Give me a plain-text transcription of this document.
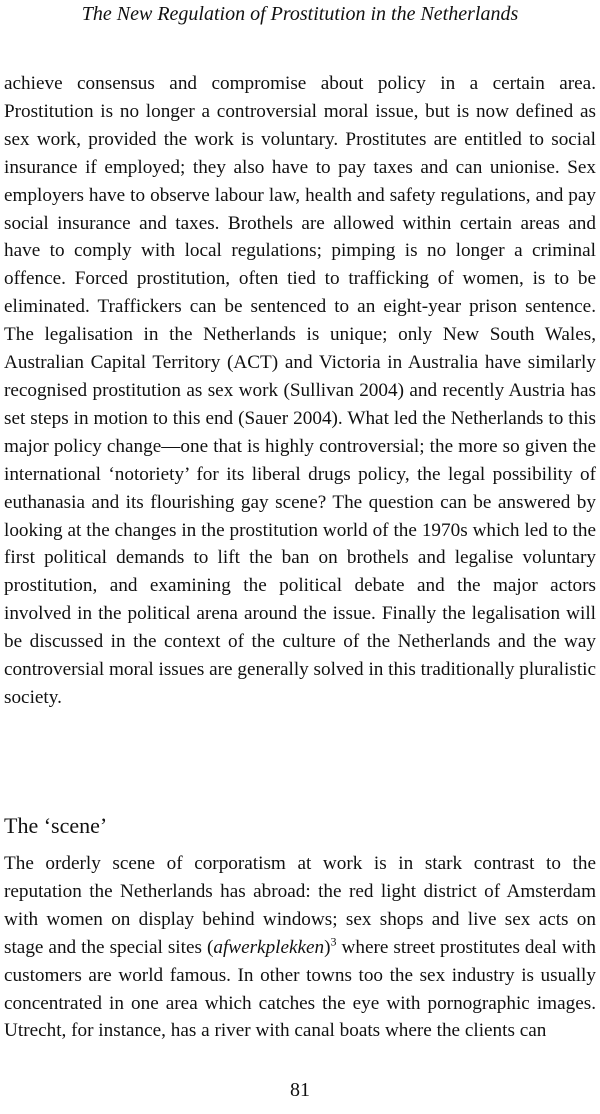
The New Regulation of Prostitution in the Netherlands

achieve consensus and compromise about policy in a certain area. Prostitution is no longer a controversial moral issue, but is now defined as sex work, provided the work is voluntary. Prostitutes are entitled to social insurance if employed; they also have to pay taxes and can unionise. Sex employers have to observe labour law, health and safety regulations, and pay social insurance and taxes. Brothels are allowed within certain areas and have to comply with local regulations; pimping is no longer a criminal offence. Forced prostitution, often tied to trafficking of women, is to be eliminated. Traffickers can be sentenced to an eight-year prison sentence. The legalisation in the Netherlands is unique; only New South Wales, Australian Capital Territory (ACT) and Victoria in Australia have similarly recognised prostitution as sex work (Sullivan 2004) and recently Austria has set steps in motion to this end (Sauer 2004). What led the Netherlands to this major policy change—one that is highly controversial; the more so given the international ‘notoriety’ for its liberal drugs policy, the legal possibility of euthanasia and its flourishing gay scene? The question can be answered by looking at the changes in the prostitution world of the 1970s which led to the first political demands to lift the ban on brothels and legalise voluntary prostitution, and examining the political debate and the major actors involved in the political arena around the issue. Finally the legalisation will be discussed in the context of the culture of the Netherlands and the way controversial moral issues are generally solved in this traditionally pluralistic society.

The ‘scene’

The orderly scene of corporatism at work is in stark contrast to the reputation the Netherlands has abroad: the red light district of Amsterdam with women on display behind windows; sex shops and live sex acts on stage and the special sites (afwerkplekken)$^3$ where street prostitutes deal with customers are world famous. In other towns too the sex industry is usually concentrated in one area which catches the eye with pornographic images. Utrecht, for instance, has a river with canal boats where the clients can

81
